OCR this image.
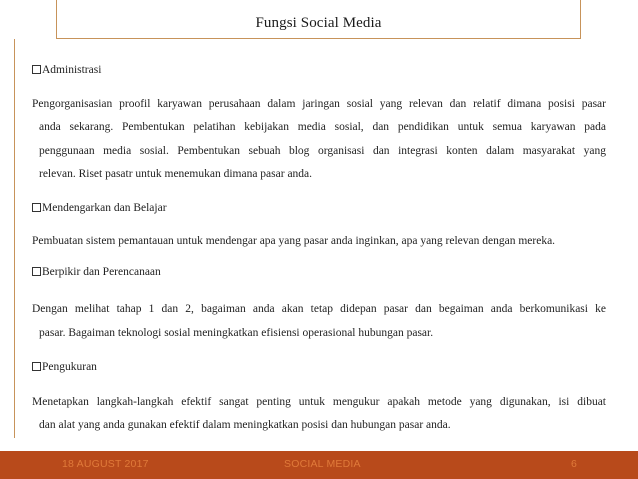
Fungsi Social Media
Administrasi
Pengorganisasian proofil karyawan perusahaan dalam jaringan sosial yang relevan dan relatif dimana posisi pasar
anda sekarang. Pembentukan pelatihan kebijakan media sosial, dan pendidikan untuk semua karyawan pada
penggunaan media sosial. Pembentukan sebuah blog organisasi dan integrasi konten dalam masyarakat yang
relevan. Riset pasatr untuk menemukan dimana pasar anda.
Mendengarkan dan Belajar
Pembuatan sistem pemantauan untuk mendengar apa yang pasar anda inginkan, apa yang relevan dengan mereka.
Berpikir dan Perencanaan
Dengan melihat tahap 1 dan 2, bagaiman anda akan tetap didepan pasar dan begaiman anda berkomunikasi ke
pasar. Bagaiman teknologi sosial meningkatkan efisiensi operasional hubungan pasar.
Pengukuran
Menetapkan langkah-langkah efektif sangat penting untuk mengukur apakah metode yang digunakan, isi dibuat
dan alat yang anda gunakan efektif dalam meningkatkan posisi dan hubungan pasar anda.
18 AUGUST 2017	SOCIAL MEDIA	6
